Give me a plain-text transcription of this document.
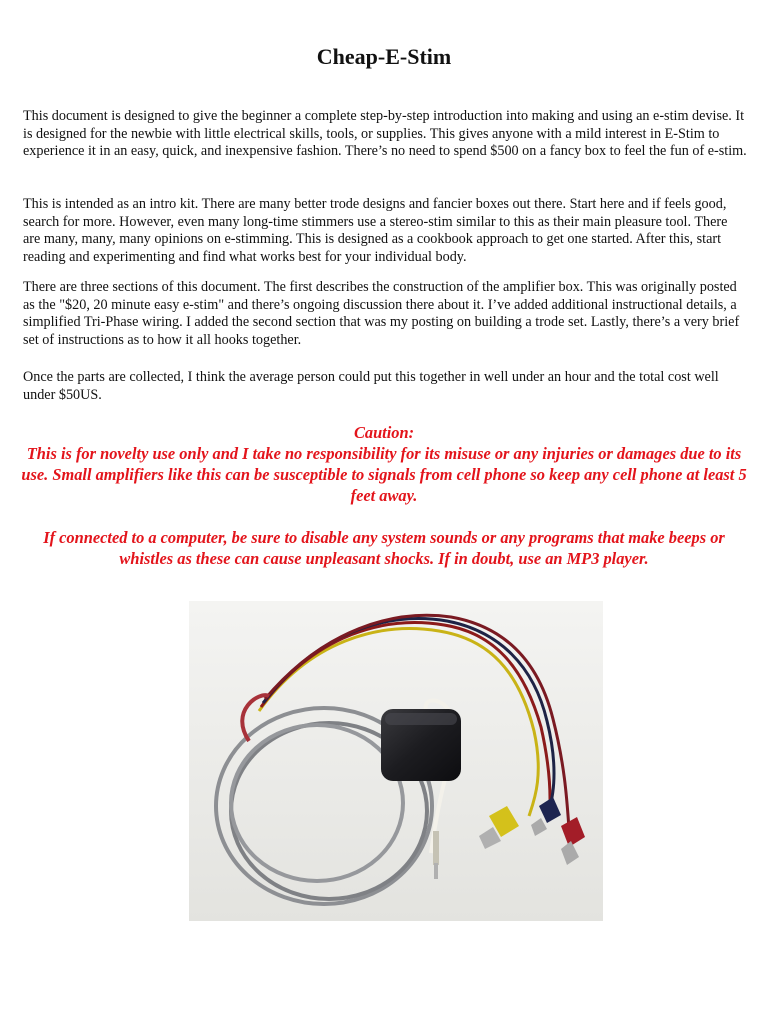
Cheap-E-Stim

This document is designed to give the beginner a complete step-by-step introduction into making and using an e-stim devise. It is designed for the newbie with little electrical skills, tools, or supplies. This gives anyone with a mild interest in E-Stim to experience it in an easy, quick, and inexpensive fashion. There’s no need to spend $500 on a fancy box to feel the fun of e-stim.

This is intended as an intro kit. There are many better trode designs and fancier boxes out there. Start here and if feels good, search for more. However, even many long-time stimmers use a stereo-stim similar to this as their main pleasure tool. There are many, many, many opinions on e-stimming. This is designed as a cookbook approach to get one started. After this, start reading and experimenting and find what works best for your individual body.

There are three sections of this document. The first describes the construction of the amplifier box. This was originally posted as the "$20, 20 minute easy e-stim" and there’s ongoing discussion there about it. I’ve added additional instructional details, a simplified Tri-Phase wiring. I added the second section that was my posting on building a trode set. Lastly, there’s a very brief set of instructions as to how it all hooks together.

Once the parts are collected, I think the average person could put this together in well under an hour and the total cost well under $50US.

Caution:

This is for novelty use only and I take no responsibility for its misuse or any injuries or damages due to its use. Small amplifiers like this can be susceptible to signals from cell phone so keep any cell phone at least 5 feet away.

If connected to a computer, be sure to disable any system sounds or any programs that make beeps or whistles as these can cause unpleasant shocks. If in doubt, use an MP3 player.
